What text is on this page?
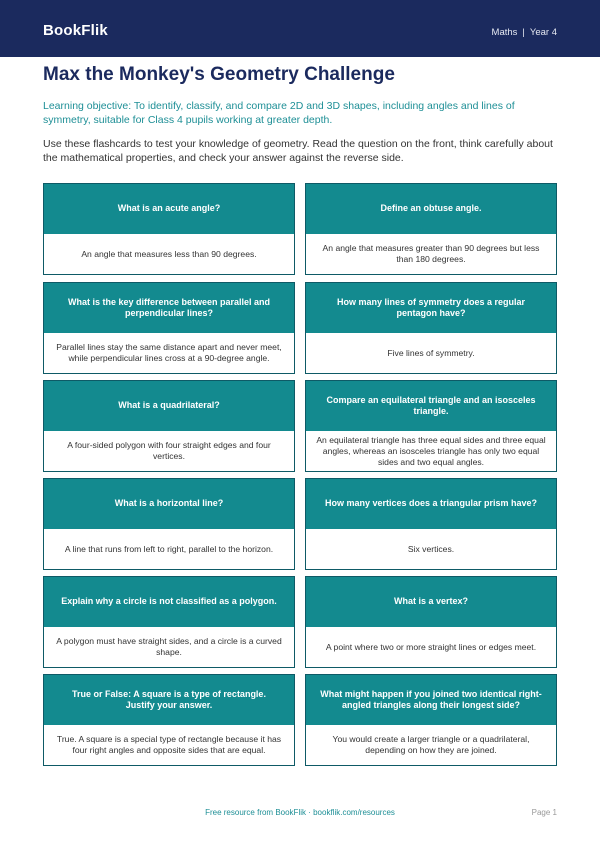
BookFlik	Maths | Year 4
Max the Monkey's Geometry Challenge
Learning objective: To identify, classify, and compare 2D and 3D shapes, including angles and lines of symmetry, suitable for Class 4 pupils working at greater depth.
Use these flashcards to test your knowledge of geometry. Read the question on the front, think carefully about the mathematical properties, and check your answer against the reverse side.
What is an acute angle?
An angle that measures less than 90 degrees.
Define an obtuse angle.
An angle that measures greater than 90 degrees but less than 180 degrees.
What is the key difference between parallel and perpendicular lines?
Parallel lines stay the same distance apart and never meet, while perpendicular lines cross at a 90-degree angle.
How many lines of symmetry does a regular pentagon have?
Five lines of symmetry.
What is a quadrilateral?
A four-sided polygon with four straight edges and four vertices.
Compare an equilateral triangle and an isosceles triangle.
An equilateral triangle has three equal sides and three equal angles, whereas an isosceles triangle has only two equal sides and two equal angles.
What is a horizontal line?
A line that runs from left to right, parallel to the horizon.
How many vertices does a triangular prism have?
Six vertices.
Explain why a circle is not classified as a polygon.
A polygon must have straight sides, and a circle is a curved shape.
What is a vertex?
A point where two or more straight lines or edges meet.
True or False: A square is a type of rectangle. Justify your answer.
True. A square is a special type of rectangle because it has four right angles and opposite sides that are equal.
What might happen if you joined two identical right-angled triangles along their longest side?
You would create a larger triangle or a quadrilateral, depending on how they are joined.
Free resource from BookFlik · bookflik.com/resources	Page 1
